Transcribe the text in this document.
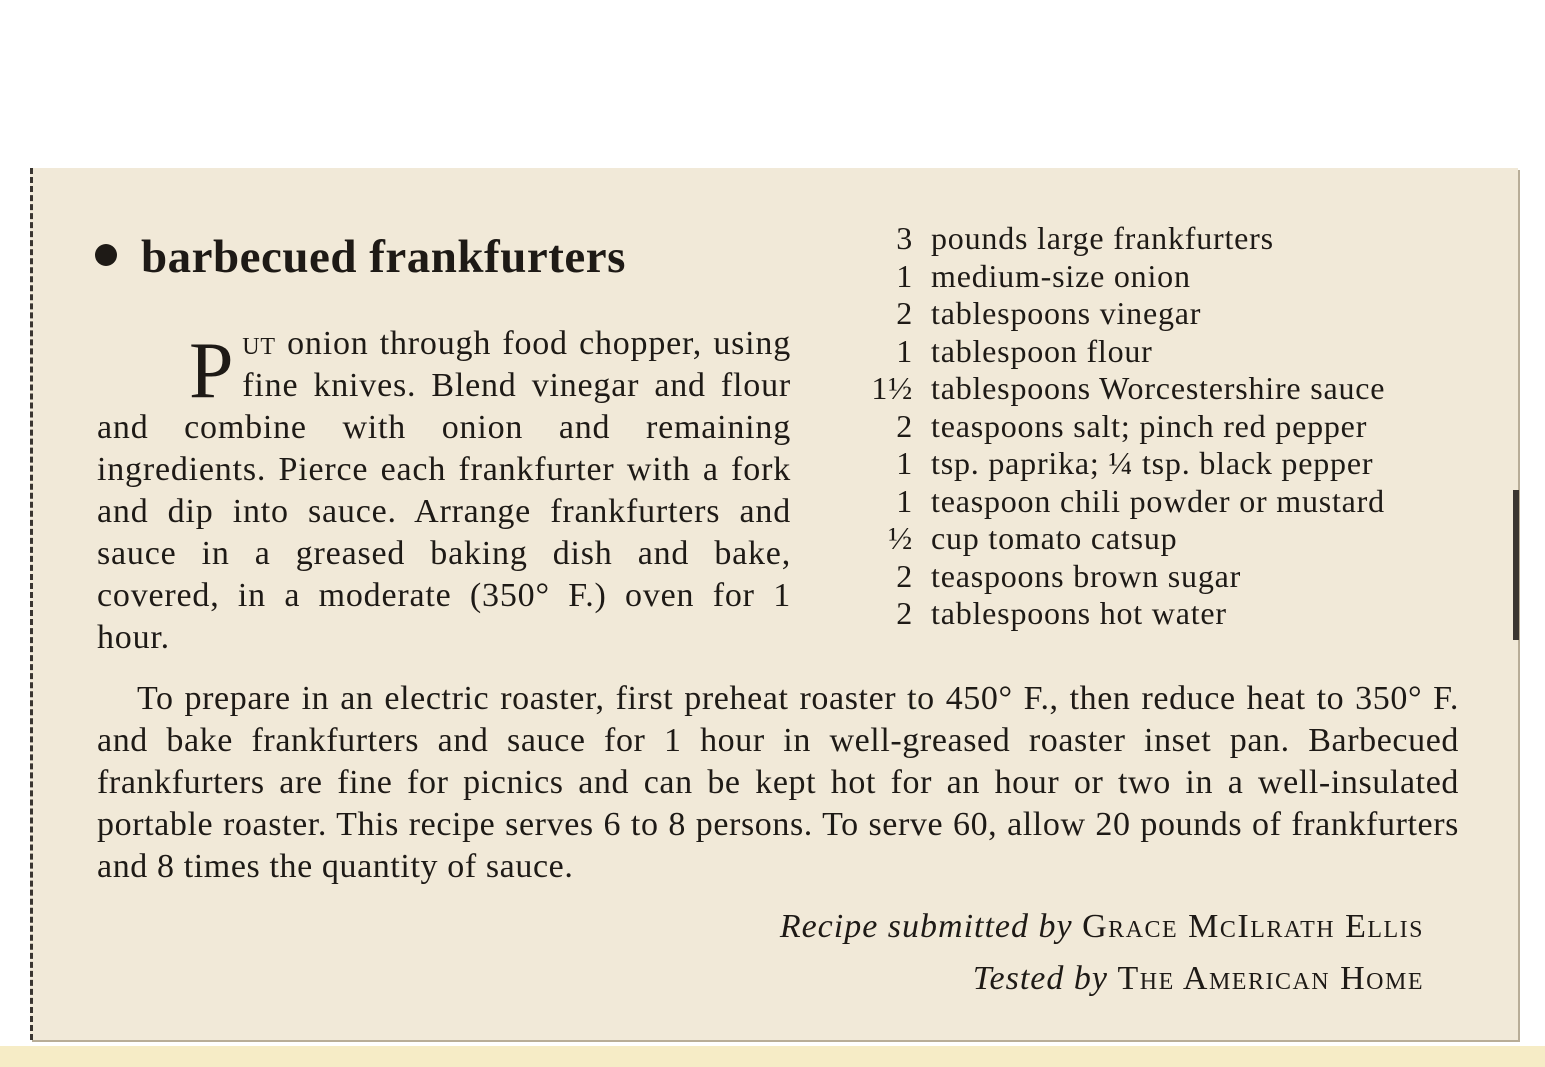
barbecued frankfurters
Put onion through food chopper, using fine knives. Blend vinegar and flour and combine with onion and remaining ingredients. Pierce each frankfurter with a fork and dip into sauce. Arrange frankfurters and sauce in a greased baking dish and bake, covered, in a moderate (350° F.) oven for 1 hour.
3 pounds large frankfurters
1 medium-size onion
2 tablespoons vinegar
1 tablespoon flour
1½ tablespoons Worcestershire sauce
2 teaspoons salt; pinch red pepper
1 tsp. paprika; ¼ tsp. black pepper
1 teaspoon chili powder or mustard
½ cup tomato catsup
2 teaspoons brown sugar
2 tablespoons hot water
To prepare in an electric roaster, first preheat roaster to 450° F., then reduce heat to 350° F. and bake frankfurters and sauce for 1 hour in well-greased roaster inset pan. Barbecued frankfurters are fine for picnics and can be kept hot for an hour or two in a well-insulated portable roaster. This recipe serves 6 to 8 persons. To serve 60, allow 20 pounds of frankfurters and 8 times the quantity of sauce.
Recipe submitted by Grace McIlrath Ellis
Tested by The American Home
